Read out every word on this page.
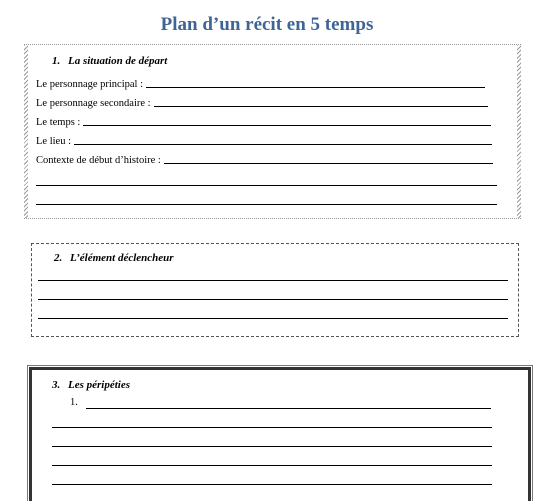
Plan d’un récit en 5 temps
1. La situation de départ
Le personnage principal :
Le personnage secondaire :
Le temps :
Le lieu :
Contexte de début d’histoire :
2. L’élément déclencheur
3. Les péripéties
1.
